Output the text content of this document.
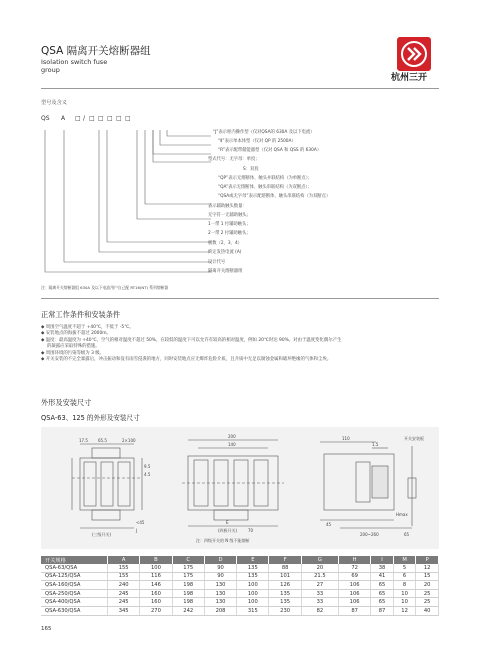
QSA 隔离开关熔断器组
Isolation switch fuse
group
杭州三开
型号及含义
QS A □ / □ □ □ □ □
“J”表示柜内操作型（仅对QSA的 630A 及以下电流）
“Ⅱ”表示单本体型（仅对 QP 的 2500A）
“R”表示配带储能器型（仅对 QSA 和 QSS 的 630A）
型式代号：无字母：单投；
S：双投
“QP”表示无熔断体、触头并联结构（为单断点）；
“QA”表示无熔断体、触头串联结构（为双断点）；
“QSA或无字母”表示配熔断体、触头串联结构（为双断点）
表示辅助触头数量：
无字符一无辅助触头；
1一带 1 付辅助触头；
2一带 2 付辅助触头；
极数（2、3、4）
约定发热电流 (A)
设计代号
隔离开关熔断器组
注：隔离开关熔断器组 630A 及以下电流用户自己配 RT16(NT) 系列熔断器
正常工作条件和安装条件
◆ 周围空气温度不超于 +40℃，不低于 -5℃。
◆ 安装地点的海拔不超过 2000m。
◆ 温度：最高温度为 +40℃，空气的相对温度不超过 50%，在较低的温度下可以允许有较高的相对温度，例如 20℃时达 90%。对由于温度变化偶尔产生
的凝露应采取特殊的措施。
◆ 周围环境的污染等级为 3 级。
◆ 开关安装的不完全暴露后，冲击振动和没有雨雪侵袭的地方，同时安装地点应无爆炸危险介质，且介质中无足以腐蚀金属和破坏绝缘的气体和尘埃。
外形及安装尺寸
QSA-63、125 的外形及安装尺寸
17.5	65.5	2×100
9.5
4.5
<45
J
(三级开关)
200
140
E
(四极开关)	70
注：四级开关的 N 级不能熔断
110
1.5
开关安装板
Hmax
45
200~260	65
开关规格	A	B	C	D	E	F	G	H	I	M	P
QSA-63/QSA	155	100	175	90	135	88	20	72	38	5	12
QSA-125/QSA	155	116	175	90	135	101	21.5	69	41	6	15
QSA-160/QSA	240	146	198	130	100	126	27	106	65	8	20
QSA-250/QSA	245	160	198	130	100	135	33	106	65	10	25
QSA-400/QSA	245	160	198	130	100	135	33	106	65	10	25
QSA-630/QSA	345	270	242	208	315	230	82	87	87	12	40
165
